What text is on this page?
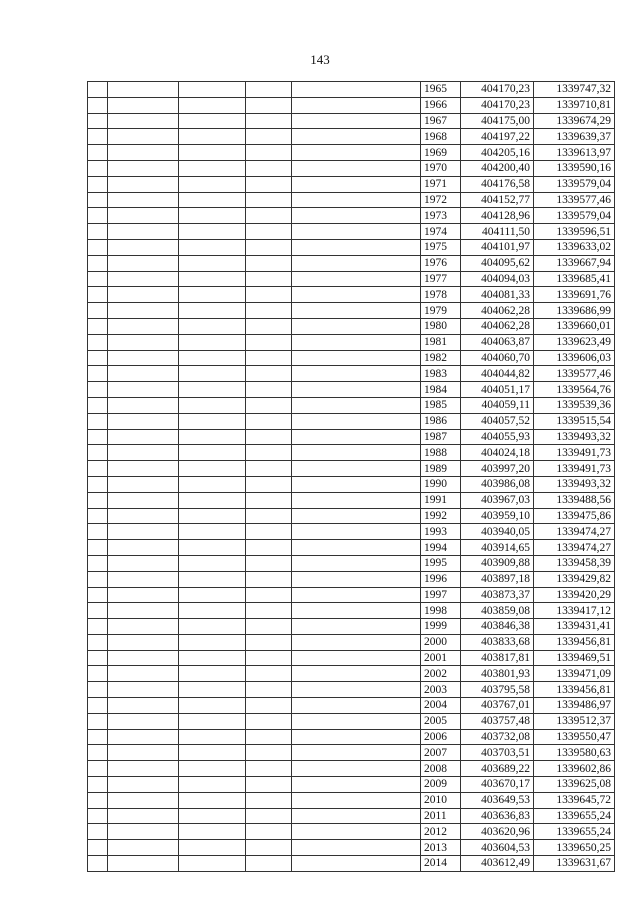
143
					1965	404170,23	1339747,32
					1966	404170,23	1339710,81
					1967	404175,00	1339674,29
					1968	404197,22	1339639,37
					1969	404205,16	1339613,97
					1970	404200,40	1339590,16
					1971	404176,58	1339579,04
					1972	404152,77	1339577,46
					1973	404128,96	1339579,04
					1974	404111,50	1339596,51
					1975	404101,97	1339633,02
					1976	404095,62	1339667,94
					1977	404094,03	1339685,41
					1978	404081,33	1339691,76
					1979	404062,28	1339686,99
					1980	404062,28	1339660,01
					1981	404063,87	1339623,49
					1982	404060,70	1339606,03
					1983	404044,82	1339577,46
					1984	404051,17	1339564,76
					1985	404059,11	1339539,36
					1986	404057,52	1339515,54
					1987	404055,93	1339493,32
					1988	404024,18	1339491,73
					1989	403997,20	1339491,73
					1990	403986,08	1339493,32
					1991	403967,03	1339488,56
					1992	403959,10	1339475,86
					1993	403940,05	1339474,27
					1994	403914,65	1339474,27
					1995	403909,88	1339458,39
					1996	403897,18	1339429,82
					1997	403873,37	1339420,29
					1998	403859,08	1339417,12
					1999	403846,38	1339431,41
					2000	403833,68	1339456,81
					2001	403817,81	1339469,51
					2002	403801,93	1339471,09
					2003	403795,58	1339456,81
					2004	403767,01	1339486,97
					2005	403757,48	1339512,37
					2006	403732,08	1339550,47
					2007	403703,51	1339580,63
					2008	403689,22	1339602,86
					2009	403670,17	1339625,08
					2010	403649,53	1339645,72
					2011	403636,83	1339655,24
					2012	403620,96	1339655,24
					2013	403604,53	1339650,25
					2014	403612,49	1339631,67
